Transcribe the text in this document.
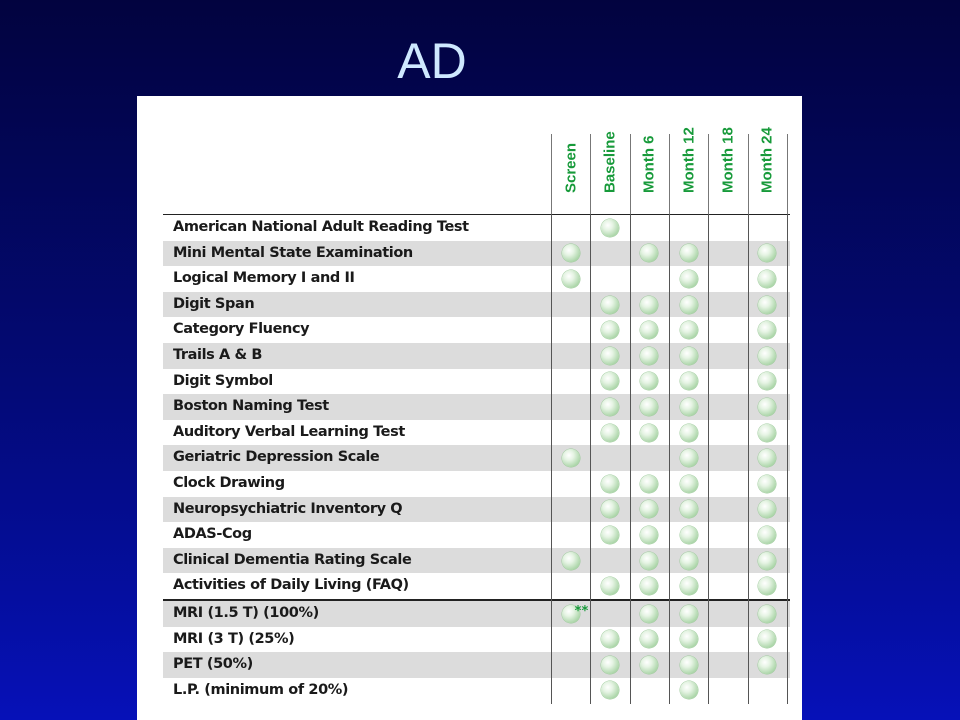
AD
Screen Baseline Month 6 Month 12 Month 18 Month 24
American National Adult Reading Test
Mini Mental State Examination
Logical Memory I and II
Digit Span
Category Fluency
Trails A & B
Digit Symbol
Boston Naming Test
Auditory Verbal Learning Test
Geriatric Depression Scale
Clock Drawing
Neuropsychiatric Inventory Q
ADAS-Cog
Clinical Dementia Rating Scale
Activities of Daily Living (FAQ)
MRI (1.5 T) (100%)	**
MRI (3 T) (25%)
PET (50%)
L.P. (minimum of 20%)
